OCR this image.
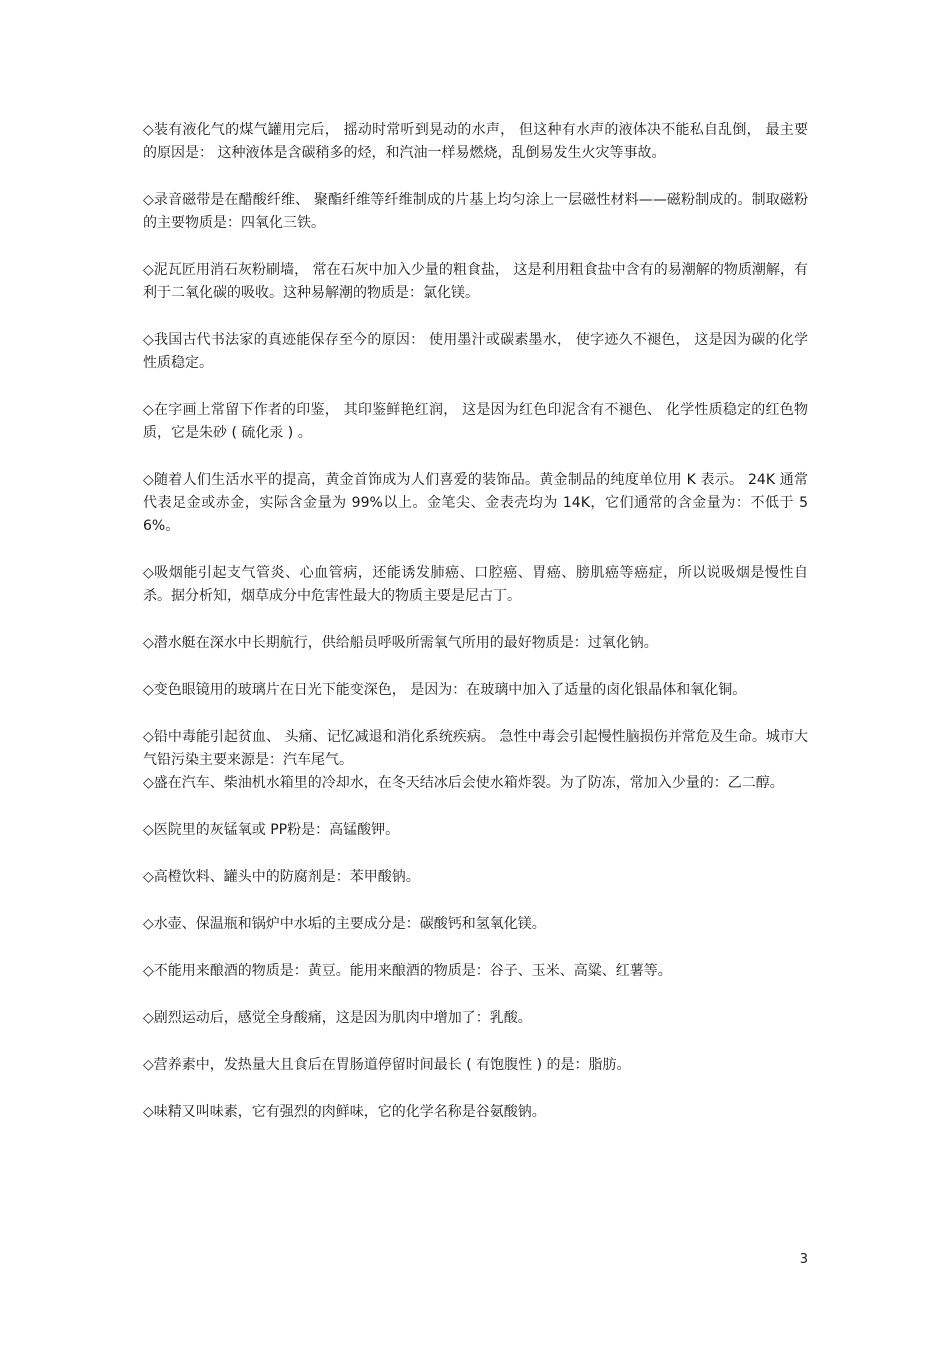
◇装有液化气的煤气罐用完后， 摇动时常听到晃动的水声， 但这种有水声的液体决不能私自乱倒， 最主要的原因是： 这种液体是含碳稍多的烃，和汽油一样易燃烧，乱倒易发生火灾等事故。

◇录音磁带是在醋酸纤维、 聚酯纤维等纤维制成的片基上均匀涂上一层磁性材料——磁粉制成的。制取磁粉的主要物质是：四氧化三铁。

◇泥瓦匠用消石灰粉刷墙， 常在石灰中加入少量的粗食盐， 这是利用粗食盐中含有的易潮解的物质潮解，有利于二氧化碳的吸收。这种易解潮的物质是：氯化镁。

◇我国古代书法家的真迹能保存至今的原因： 使用墨汁或碳素墨水， 使字迹久不褪色， 这是因为碳的化学性质稳定。

◇在字画上常留下作者的印鉴， 其印鉴鲜艳红润， 这是因为红色印泥含有不褪色、 化学性质稳定的红色物质，它是朱砂 ( 硫化汞 ) 。

◇随着人们生活水平的提高，黄金首饰成为人们喜爱的装饰品。黄金制品的纯度单位用 K 表示。 24K 通常代表足金或赤金，实际含金量为 99%以上。金笔尖、金表壳均为 14K，它们通常的含金量为：不低于 56%。

◇吸烟能引起支气管炎、心血管病，还能诱发肺癌、口腔癌、胃癌、膀肌癌等癌症，所以说吸烟是慢性自杀。据分析知，烟草成分中危害性最大的物质主要是尼古丁。

◇潜水艇在深水中长期航行，供给船员呼吸所需氧气所用的最好物质是：过氧化钠。

◇变色眼镜用的玻璃片在日光下能变深色， 是因为：在玻璃中加入了适量的卤化银晶体和氧化铜。

◇铅中毒能引起贫血、 头痛、记忆减退和消化系统疾病。 急性中毒会引起慢性脑损伤并常危及生命。城市大气铅污染主要来源是：汽车尾气。

◇盛在汽车、柴油机水箱里的冷却水，在冬天结冰后会使水箱炸裂。为了防冻，常加入少量的：乙二醇。

◇医院里的灰锰氧或 PP粉是：高锰酸钾。

◇高橙饮料、罐头中的防腐剂是：苯甲酸钠。

◇水壶、保温瓶和锅炉中水垢的主要成分是：碳酸钙和氢氧化镁。

◇不能用来酿酒的物质是：黄豆。能用来酿酒的物质是：谷子、玉米、高粱、红薯等。

◇剧烈运动后，感觉全身酸痛，这是因为肌肉中增加了：乳酸。

◇营养素中，发热量大且食后在胃肠道停留时间最长 ( 有饱腹性 ) 的是：脂肪。

◇味精又叫味素，它有强烈的肉鲜味，它的化学名称是谷氨酸钠。

3
